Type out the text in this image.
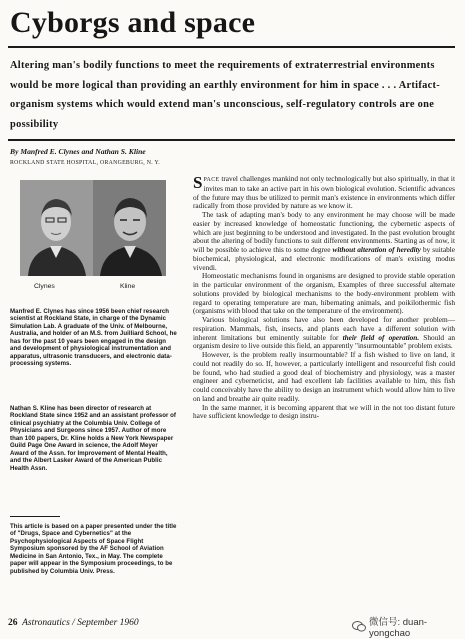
Cyborgs and space
Altering man's bodily functions to meet the requirements of extraterrestrial environments would be more logical than providing an earthly environment for him in space . . . Artifact-organism systems which would extend man's unconscious, self-regulatory controls are one possibility
By Manfred E. Clynes and Nathan S. Kline
ROCKLAND STATE HOSPITAL, ORANGEBURG, N. Y.
Clynes	Kline
Manfred E. Clynes has since 1956 been chief research scientist at Rockland State, in charge of the Dynamic Simulation Lab. A graduate of the Univ. of Melbourne, Australia, and holder of an M.S. from Juilliard School, he has for the past 10 years been engaged in the design and development of physiological instrumentation and apparatus, ultrasonic transducers, and electronic data-processing systems.
Nathan S. Kline has been director of research at Rockland State since 1952 and an assistant professor of clinical psychiatry at the Columbia Univ. College of Physicians and Surgeons since 1957. Author of more than 100 papers, Dr. Kline holds a New York Newspaper Guild Page One Award in science, the Adolf Meyer Award of the Assn. for Improvement of Mental Health, and the Albert Lasker Award of the American Public Health Assn.
This article is based on a paper presented under the title of "Drugs, Space and Cybernetics" at the Psychophysiological Aspects of Space Flight Symposium sponsored by the AF School of Aviation Medicine in San Antonio, Tex., in May. The complete paper will appear in the Symposium proceedings, to be published by Columbia Univ. Press.

SPACE travel challenges mankind not only technologically but also spiritually, in that it invites man to take an active part in his own biological evolution. Scientific advances of the future may thus be utilized to permit man's existence in environments which differ radically from those provided by nature as we know it.

The task of adapting man's body to any environment he may choose will be made easier by increased knowledge of homeostatic functioning, the cybernetic aspects of which are just beginning to be understood and investigated. In the past evolution brought about the altering of bodily functions to suit different environments. Starting as of now, it will be possible to achieve this to some degree without alteration of heredity by suitable biochemical, physiological, and electronic modifications of man's existing modus vivendi.

Homeostatic mechanisms found in organisms are designed to provide stable operation in the particular environment of the organism, Examples of three successful alternate solutions provided by biological mechanisms to the body-environment problem with regard to operating temperature are man, hibernating animals, and poikilothermic fish (organisms with blood that take on the temperature of the environment).

Various biological solutions have also been developed for another problem—respiration. Mammals, fish, insects, and plants each have a different solution with inherent limitations but eminently suitable for their field of operation. Should an organism desire to live outside this field, an apparently "insurmountable" problem exists.

However, is the problem really insurmountable? If a fish wished to live on land, it could not readily do so. If, however, a particularly intelligent and resourceful fish could be found, who had studied a good deal of biochemistry and physiology, was a master engineer and cyberneticist, and had excellent lab facilities available to him, this fish could conceivably have the ability to design an instrument which would allow him to live on land and breathe air quite readily.

In the same manner, it is becoming apparent that we will in the not too distant future have sufficient knowledge to design instru-

26 Astronautics / September 1960	微信号: duan-yongchao
